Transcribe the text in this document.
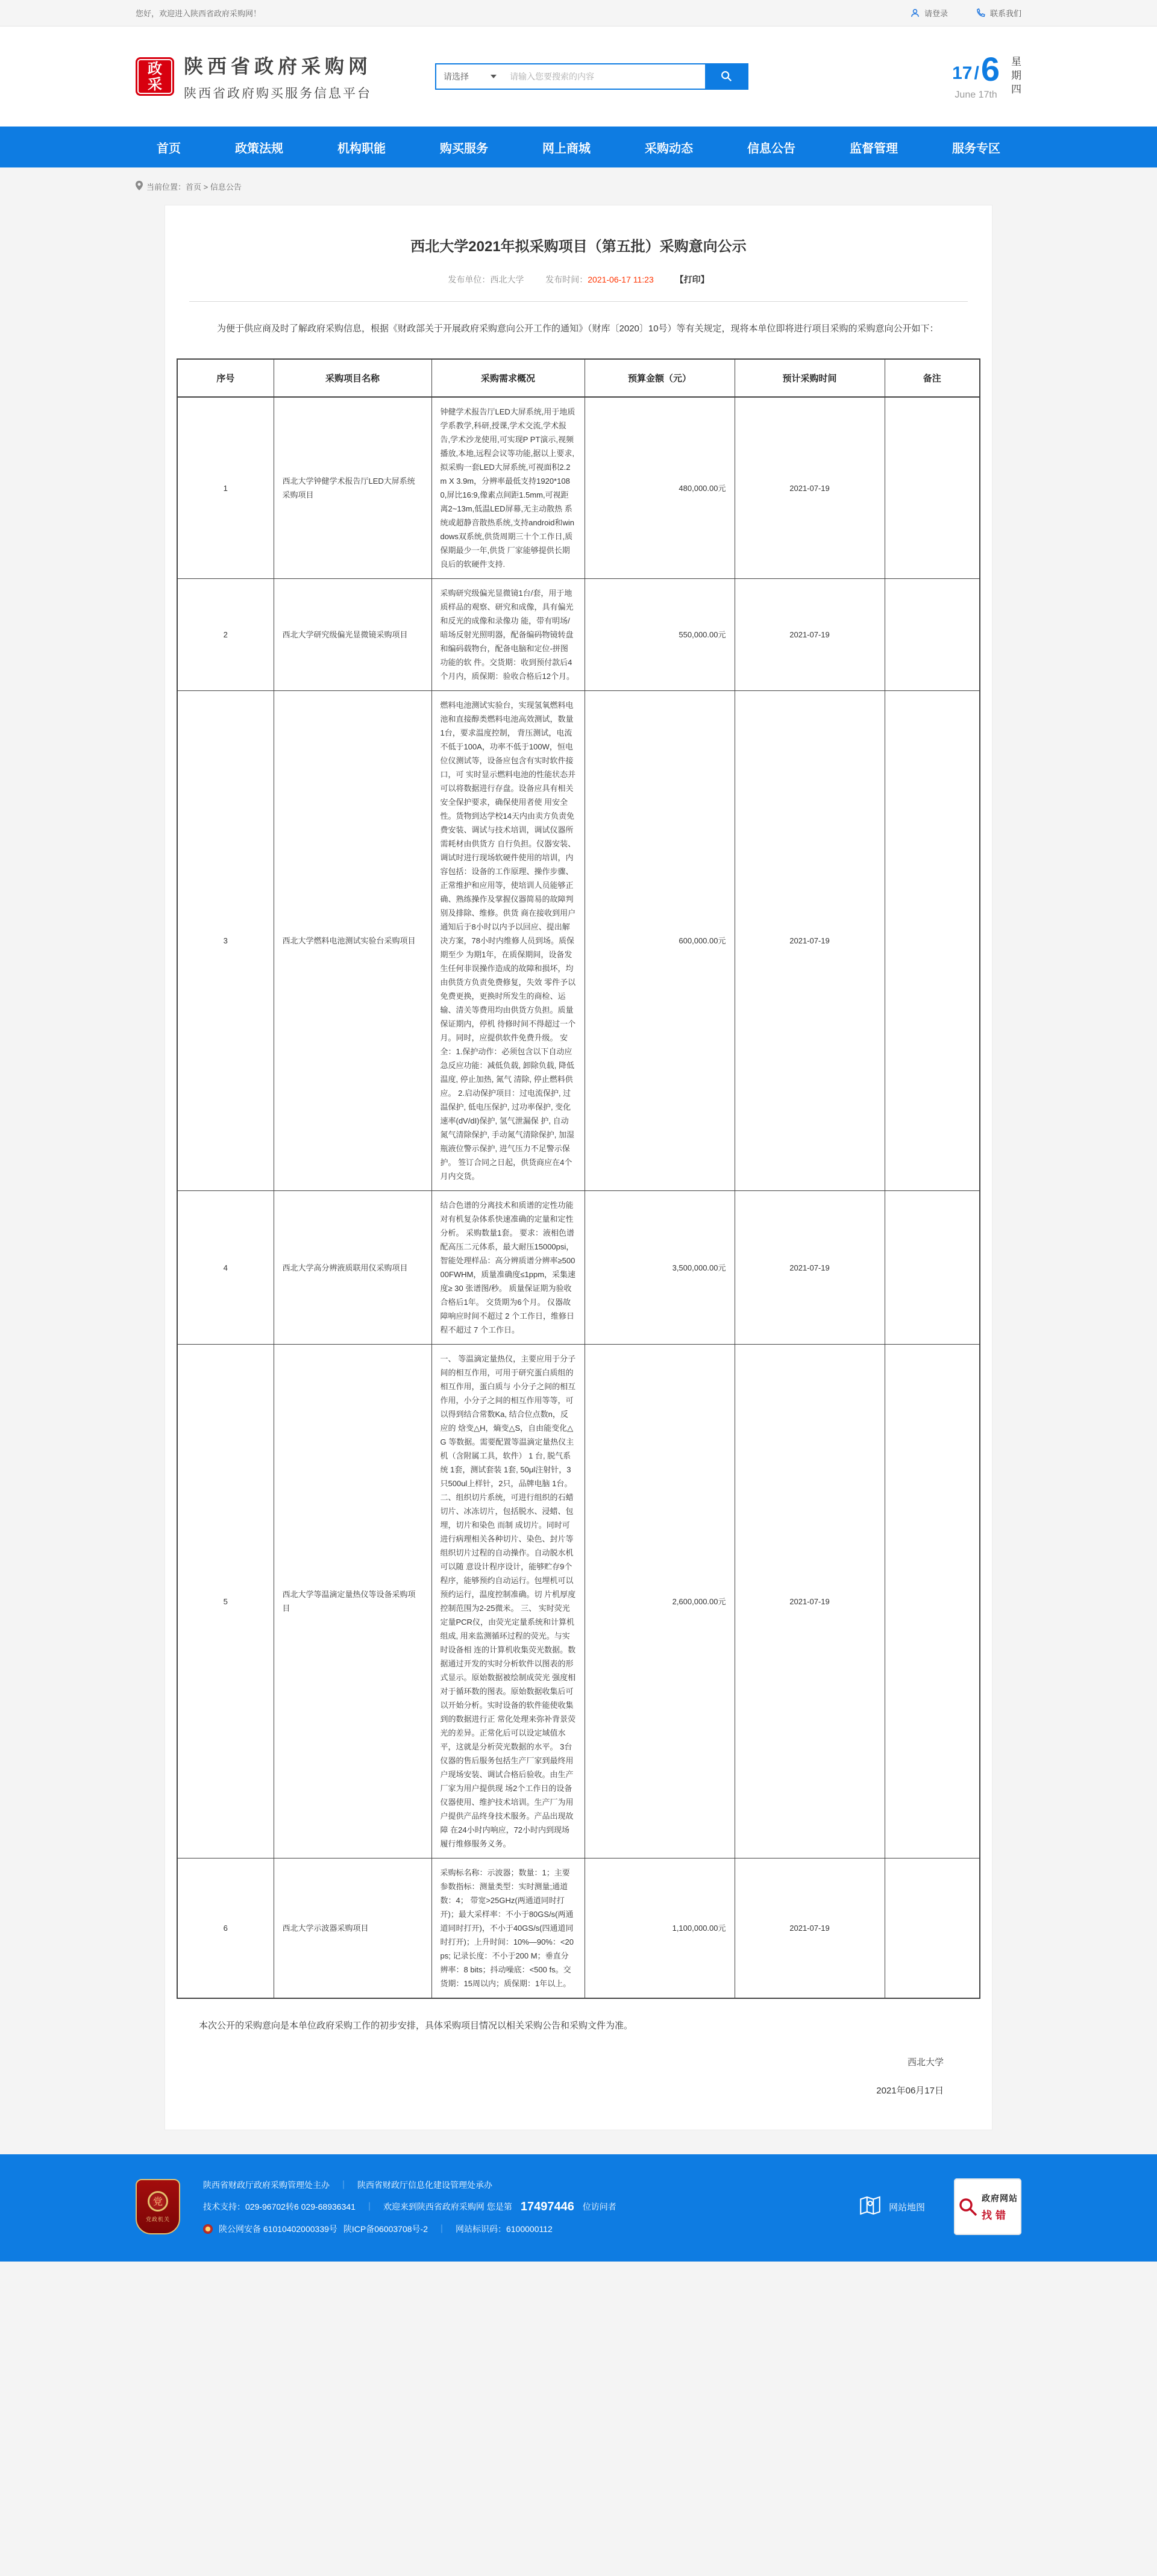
您好，欢迎进入陕西省政府采购网！	请登录	联系我们
政
采
陕西省政府采购网
陕西省政府购买服务信息平台
请选择
请输入您要搜索的内容	17 / 6
June 17th 星期四
首页	政策法规	机构职能	购买服务	网上商城	采购动态	信息公告	监督管理	服务专区
当前位置：首页 > 信息公告
西北大学2021年拟采购项目（第五批）采购意向公示
发布单位：西北大学	发布时间：2021-06-17 11:23	【打印】

为便于供应商及时了解政府采购信息，根据《财政部关于开展政府采购意向公开工作的通知》（财库〔2020〕10号）等有关规定，现将本单位即将进行项目采购的采购意向公开如下：

序号	采购项目名称	采购需求概况	预算金额（元）	预计采购时间	备注
1	西北大学钟健学术报告厅LED大屏系统采购项目	钟健学术报告厅LED大屏系统,用于地质学系教学,科研,授课,学术交流,学术报告,学术沙龙使用,可实现P PT演示,视频播放,本地,远程会议等功能,据以上要求,拟采购一套LED大屏系统,可视面积2.2m X 3.9m，分辨率最低支持1920*1080,屏比16:9,像素点间距1.5mm,可视距离2~13m,低温LED屏幕,无主动散热 系统或超静音散热系统,支持android和windows双系统,供货周期三十个工作日,质保期最少一年,供货 厂家能够提供长期良后的软硬件支持.	480,000.00元	2021-07-19	
2	西北大学研究级偏光显微镜采购项目	采购研究级偏光显微镜1台/套，用于地质样品的观察、研究和成像，具有偏光和反光的成像和录像功 能，带有明场/暗场反射光照明器，配备编码物镜转盘和编码载物台，配备电脑和定位-拼图功能的软 件。交货期：收到预付款后4个月内，质保期：验收合格后12个月。	550,000.00元	2021-07-19	
3	西北大学燃料电池测试实验台采购项目	燃料电池测试实验台，实现氢氧燃料电池和直接醇类燃料电池高效测试，数量1台，要求温度控制， 背压测试，电流不低于100A，功率不低于100W，恒电位仪测试等，设备应包含有实时软件接口，可 实时显示燃料电池的性能状态并可以将数据进行存盘。设备应具有相关安全保护要求，确保使用者使 用安全性。货物到达学校14天内由卖方负责免费安装、调试与技术培训，调试仪器所需耗材由供货方 自行负担。仪器安装、调试时进行现场软硬件使用的培训，内容包括：设备的工作原理、操作步骤、 正常维护和应用等，使培训人员能够正确、熟练操作及掌握仪器简易的故障判别及排除、维修。供货 商在接收到用户通知后于8小时以内予以回应、提出解决方案，78小时内维修人员到场。质保期至少 为期1年，在质保期间，设备发生任何非误操作造成的故障和损坏，均由供货方负责免费修复，失效 零件予以免费更换，更换时所发生的商检、运输、清关等费用均由供货方负担。质量保证期内，停机 待修时间不得超过一个月。同时，应提供软件免费升级。 安全：1.保护动作：必须包含以下自动应急反应功能：减低负载, 卸除负载, 降低温度, 停止加热, 氮气 清除, 停止燃料供应。 2.启动保护项目：过电流保护, 过温保护, 低电压保护, 过功率保护, 变化速率(dV/dI)保护, 氢气泄漏保 护, 自动氮气清除保护, 手动氮气清除保护, 加湿瓶液位警示保护, 进气压力不足警示保护。 签订合同之日起，供货商应在4个月内交货。	600,000.00元	2021-07-19	
4	西北大学高分辨液质联用仪采购项目	结合色谱的分离技术和质谱的定性功能对有机复杂体系快速准确的定量和定性分析。 采购数量1套。 要求：液相色谱配高压二元体系，最大耐压15000psi，智能处理样品：高分辨质谱分辨率≥50000FWHM，质量准确度≤1ppm，采集速度≥ 30 张谱图/秒。 质量保证期为验收合格后1年。 交货期为6个月。 仪器故障响应时间不超过 2 个工作日，维修日程不超过 7 个工作日。	3,500,000.00元	2021-07-19	
5	西北大学等温滴定量热仪等设备采购项目	一、 等温滴定量热仪，主要应用于分子间的相互作用，可用于研究蛋白质组的相互作用，蛋白质与 小分子之间的相互作用，小分子之间的相互作用等等，可以得到结合常数Ka, 结合位点数n，反应的 焓变△H，熵变△S，自由能变化△G 等数据。需要配置等温滴定量热仪主机（含附属工具，软件） 1 台, 脱气系统 1套，测试套装 1套, 50μl注射针，3只500ul上样针，2只，品牌电脑 1台。 二、组织切片系统，可进行组织的石蜡切片、冰冻切片，包括脱水、浸蜡、包埋，切片和染色 而制 成切片。同时可进行病理相关各种切片、染色、封片等组织切片过程的自动操作。自动脱水机可以随 意设计程序设计，能够贮存9个程序，能够预约自动运行。包埋机可以预约运行，温度控制准确。切 片机厚度控制范围为2-25微米。 三、 实时荧光定量PCR仪，由荧光定量系统和计算机组成, 用来监测循环过程的荧光。与实时设备相 连的计算机收集荧光数据。数据通过开发的实时分析软件以图表的形式显示。原始数据被绘制成荧光 强度相对于循环数的图表。原始数据收集后可以开始分析。实时设备的软件能使收集到的数据进行正 常化处理来弥补背景荧光的差异。正常化后可以设定域值水平，这就是分析荧光数据的水平。 3台仪器的售后服务包括生产厂家到最终用户现场安装、调试合格后验收。由生产厂家为用户提供现 场2个工作日的设备仪器使用、维护技术培训。生产厂为用户提供产品终身技术服务。产品出现故障 在24小时内响应，72小时内到现场履行维修服务义务。	2,600,000.00元	2021-07-19	
6	西北大学示波器采购项目	采购标名称：示波器；数量：1；主要参数指标：测量类型：实时测量;通道数：4； 带宽>25GHz(两通道同时打开)；最大采样率：不小于80GS/s(两通道同时打开)，不小于40GS/s(四通道同时打开)；上升时间：10%—90%：<20ps; 记录长度：不小于200 M；垂直分辨率：8 bits；抖动噪底：<500 fs。交货期：15周以内；质保期：1年以上。	1,100,000.00元	2021-07-19	

本次公开的采购意向是本单位政府采购工作的初步安排，具体采购项目情况以相关采购公告和采购文件为准。

西北大学
2021年06月17日
党
党政机关
陕西省财政厅政府采购管理处主办	｜	陕西省财政厅信息化建设管理处承办
技术支持：029-96702转6 029-68936341	｜	欢迎来到陕西省政府采购网 您是第 17497446 位访问者
陕公网安备 61010402000339号 陕ICP备06003708号-2	｜	网站标识码：6100000112
网站地图
政府网站
找错
